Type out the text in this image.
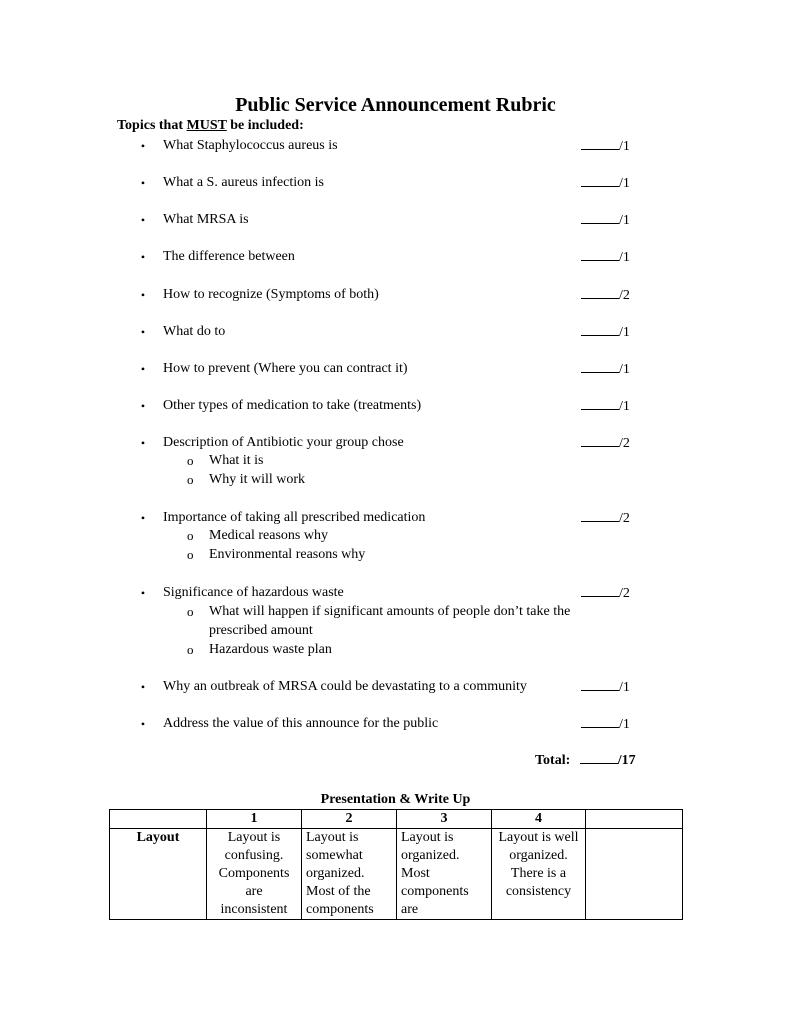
Public Service Announcement Rubric
Topics that MUST be included:
•	What Staphylococcus aureus is	/1
•	What a S. aureus infection is	/1
•	What MRSA is	/1
•	The difference between	/1
•	How to recognize (Symptoms of both)	/2
•	What do to	/1
•	How to prevent (Where you can contract it)	/1
•	Other types of medication to take (treatments)	/1
•	Description of Antibiotic your group chose	/2
o What it is
o Why it will work
•	Importance of taking all prescribed medication	/2
o Medical reasons why
o Environmental reasons why
•	Significance of hazardous waste	/2
o What will happen if significant amounts of people don’t take the prescribed amount
o Hazardous waste plan
•	Why an outbreak of MRSA could be devastating to a community	/1
•	Address the value of this announce for the public	/1
Total:	/17
Presentation & Write Up
	1	2	3	4	

Layout	Layout is confusing. Components are inconsistent	Layout is somewhat organized. Most of the components	Layout is organized. Most components are	Layout is well organized. There is a consistency	
